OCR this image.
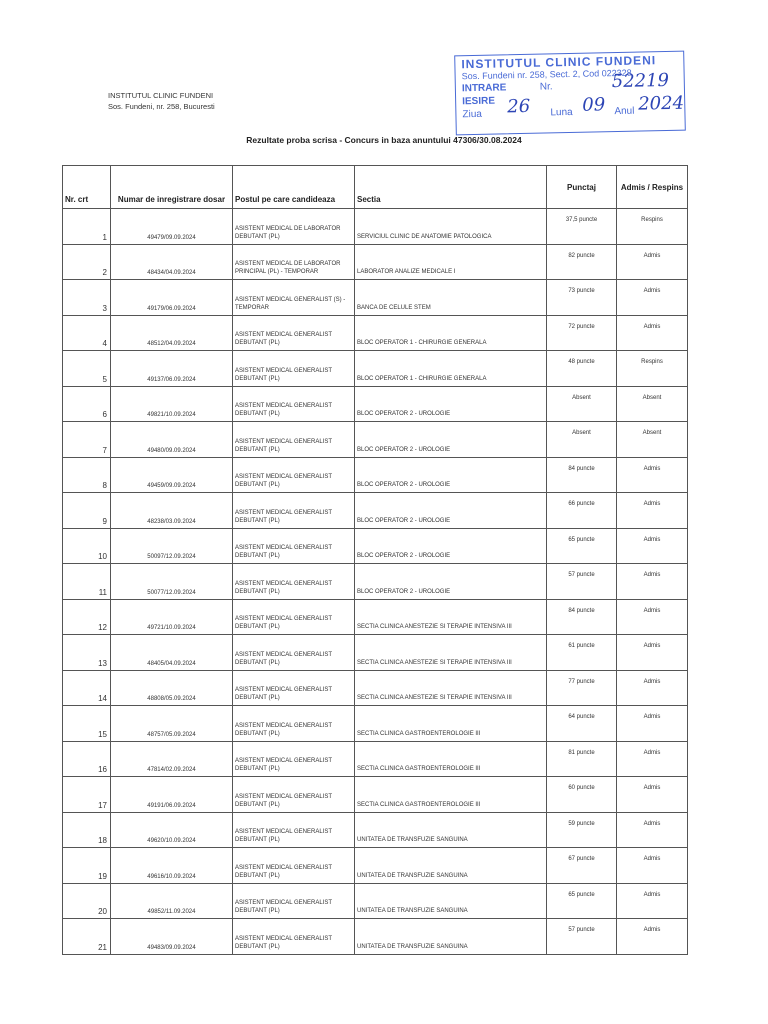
INSTITUTUL CLINIC FUNDENI
Sos. Fundeni, nr. 258, Bucuresti
INSTITUTUL CLINIC FUNDENI
Sos. Fundeni nr. 258, Sect. 2, Cod 022328
INTRARE	Nr.	52219
IESIRE
Ziua 26 Luna 09 Anul 2024
Rezultate proba scrisa - Concurs in baza anuntului 47306/30.08.2024
Nr. crt	Numar de inregistrare dosar	Postul pe care candideaza	Sectia	Punctaj	Admis / Respins

1	49479/09.09.2024	ASISTENT MEDICAL DE LABORATOR DEBUTANT (PL)	SERVICIUL CLINIC DE ANATOMIE PATOLOGICA	37,5 puncte	Respins

2	48434/04.09.2024	ASISTENT MEDICAL DE LABORATOR PRINCIPAL (PL) - TEMPORAR	LABORATOR ANALIZE MEDICALE I	82 puncte	Admis

3	49179/06.09.2024	ASISTENT MEDICAL GENERALIST (S) - TEMPORAR	BANCA DE CELULE STEM	73 puncte	Admis

4	48512/04.09.2024	ASISTENT MEDICAL GENERALIST DEBUTANT (PL)	BLOC OPERATOR 1 - CHIRURGIE GENERALA	72 puncte	Admis

5	49137/06.09.2024	ASISTENT MEDICAL GENERALIST DEBUTANT (PL)	BLOC OPERATOR 1 - CHIRURGIE GENERALA	48 puncte	Respins

6	49821/10.09.2024	ASISTENT MEDICAL GENERALIST DEBUTANT (PL)	BLOC OPERATOR 2 - UROLOGIE	Absent	Absent

7	49480/09.09.2024	ASISTENT MEDICAL GENERALIST DEBUTANT (PL)	BLOC OPERATOR 2 - UROLOGIE	Absent	Absent

8	49459/09.09.2024	ASISTENT MEDICAL GENERALIST DEBUTANT (PL)	BLOC OPERATOR 2 - UROLOGIE	84 puncte	Admis

9	48238/03.09.2024	ASISTENT MEDICAL GENERALIST DEBUTANT (PL)	BLOC OPERATOR 2 - UROLOGIE	66 puncte	Admis

10	50097/12.09.2024	ASISTENT MEDICAL GENERALIST DEBUTANT (PL)	BLOC OPERATOR 2 - UROLOGIE	65 puncte	Admis

11	50077/12.09.2024	ASISTENT MEDICAL GENERALIST DEBUTANT (PL)	BLOC OPERATOR 2 - UROLOGIE	57 puncte	Admis

12	49721/10.09.2024	ASISTENT MEDICAL GENERALIST DEBUTANT (PL)	SECTIA CLINICA ANESTEZIE SI TERAPIE INTENSIVA III	84 puncte	Admis

13	48405/04.09.2024	ASISTENT MEDICAL GENERALIST DEBUTANT (PL)	SECTIA CLINICA ANESTEZIE SI TERAPIE INTENSIVA III	61 puncte	Admis

14	48808/05.09.2024	ASISTENT MEDICAL GENERALIST DEBUTANT (PL)	SECTIA CLINICA ANESTEZIE SI TERAPIE INTENSIVA III	77 puncte	Admis

15	48757/05.09.2024	ASISTENT MEDICAL GENERALIST DEBUTANT (PL)	SECTIA CLINICA GASTROENTEROLOGIE III	64 puncte	Admis

16	47814/02.09.2024	ASISTENT MEDICAL GENERALIST DEBUTANT (PL)	SECTIA CLINICA GASTROENTEROLOGIE III	81 puncte	Admis

17	49191/06.09.2024	ASISTENT MEDICAL GENERALIST DEBUTANT (PL)	SECTIA CLINICA GASTROENTEROLOGIE III	60 puncte	Admis

18	49620/10.09.2024	ASISTENT MEDICAL GENERALIST DEBUTANT (PL)	UNITATEA DE TRANSFUZIE SANGUINA	59 puncte	Admis

19	49616/10.09.2024	ASISTENT MEDICAL GENERALIST DEBUTANT (PL)	UNITATEA DE TRANSFUZIE SANGUINA	67 puncte	Admis

20	49852/11.09.2024	ASISTENT MEDICAL GENERALIST DEBUTANT (PL)	UNITATEA DE TRANSFUZIE SANGUINA	65 puncte	Admis

21	49483/09.09.2024	ASISTENT MEDICAL GENERALIST DEBUTANT (PL)	UNITATEA DE TRANSFUZIE SANGUINA	57 puncte	Admis
